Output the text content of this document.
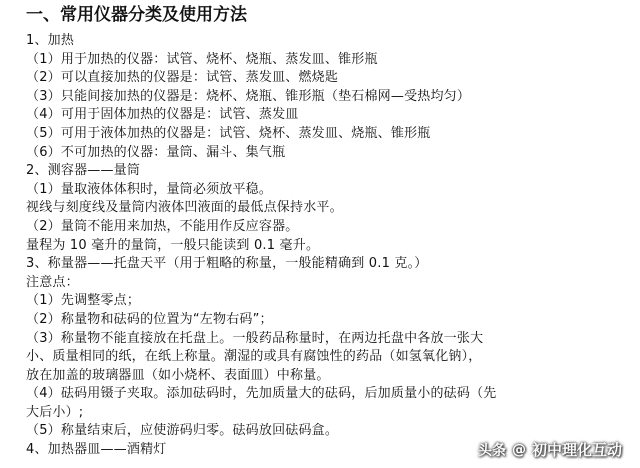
一、常用仪器分类及使用方法
1、加热
（1）用于加热的仪器：试管、烧杯、烧瓶、蒸发皿、锥形瓶
（2）可以直接加热的仪器是：试管、蒸发皿、燃烧匙
（3）只能间接加热的仪器是：烧杯、烧瓶、锥形瓶（垫石棉网—受热均匀）
（4）可用于固体加热的仪器是：试管、蒸发皿
（5）可用于液体加热的仪器是：试管、烧杯、蒸发皿、烧瓶、锥形瓶
（6）不可加热的仪器：量筒、漏斗、集气瓶
2、测容器——量筒
（1）量取液体体积时，量筒必须放平稳。
视线与刻度线及量筒内液体凹液面的最低点保持水平。
（2）量筒不能用来加热，不能用作反应容器。
量程为 10 毫升的量筒，一般只能读到 0.1 毫升。
3、称量器——托盘天平（用于粗略的称量，一般能精确到 0.1 克。）
注意点：
（1）先调整零点；
（2）称量物和砝码的位置为“左物右码”；
（3）称量物不能直接放在托盘上。一般药品称量时，在两边托盘中各放一张大
小、质量相同的纸，在纸上称量。潮湿的或具有腐蚀性的药品（如氢氧化钠），
放在加盖的玻璃器皿（如小烧杯、表面皿）中称量。
（4）砝码用镊子夹取。添加砝码时，先加质量大的砝码，后加质量小的砝码（先
大后小）;
（5）称量结束后，应使游码归零。砝码放回砝码盒。
4、加热器皿——酒精灯	头条 @ 初中理化互动
